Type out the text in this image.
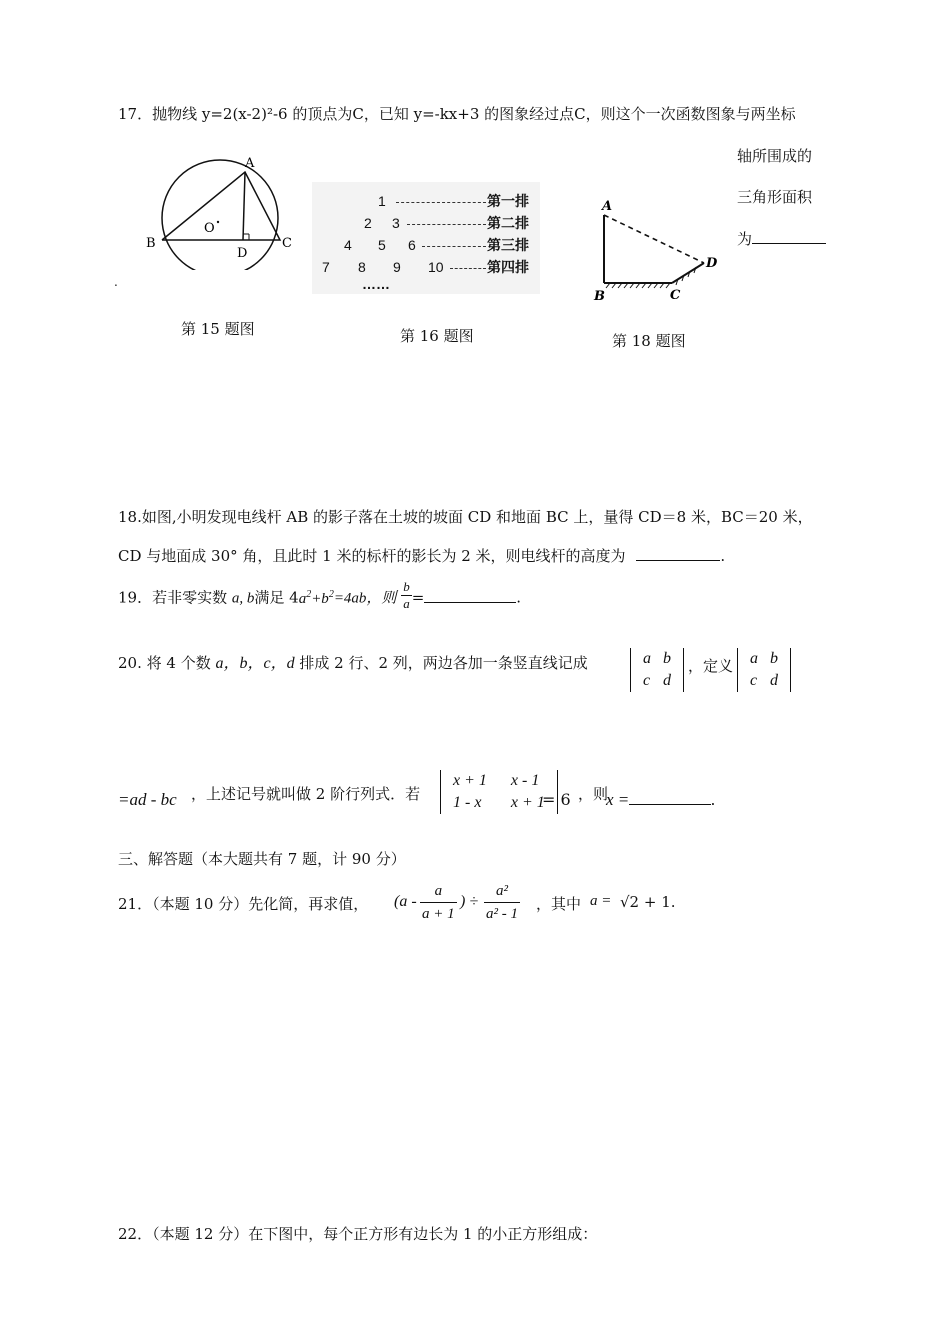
17．抛物线 y=2(x-2)²-6 的顶点为C，已知 y=-kx+3 的图象经过点C，则这个一次函数图象与两坐标
轴所围成的
三角形面积
为
.
A
B	C
D
O
第 15 题图
1	第一排
2 3	第二排
4 5 6	第三排
7 8 9 10	第四排
……
第 16 题图
A
B	C
D
第 18 题图
18.如图,小明发现电线杆 AB 的影子落在土坡的坡面 CD 和地面 BC 上，量得 CD＝8 米，BC＝20 米，
CD 与地面成 30° 角，且此时 1 米的标杆的影长为 2 米，则电线杆的高度为	.
19．若非零实数 a, b满足 $4a^2+b^2=4ab$，则 $\frac{b}{a}$ =	.
20. 将 4 个数 a，b，c，d 排成 2 行、2 列，两边各加一条竖直线记成	a	b
c	d
，定义 a	b
c	d
=ad - bc ，上述记号就叫做 2 阶行列式．若
x + 1	x - 1
1 - x	x + 1
= 6 ，则
x =	.
三、解答题（本大题共有 7 题，计 90 分）
21．（本题 10 分）先化简，再求值， ($a - \frac{a}{a + 1}$ ) ÷ $\frac{\text{a²}}{\text{a² - 1}}$ ，其中 a = √2 + 1.
22．（本题 12 分）在下图中，每个正方形有边长为 1 的小正方形组成：
